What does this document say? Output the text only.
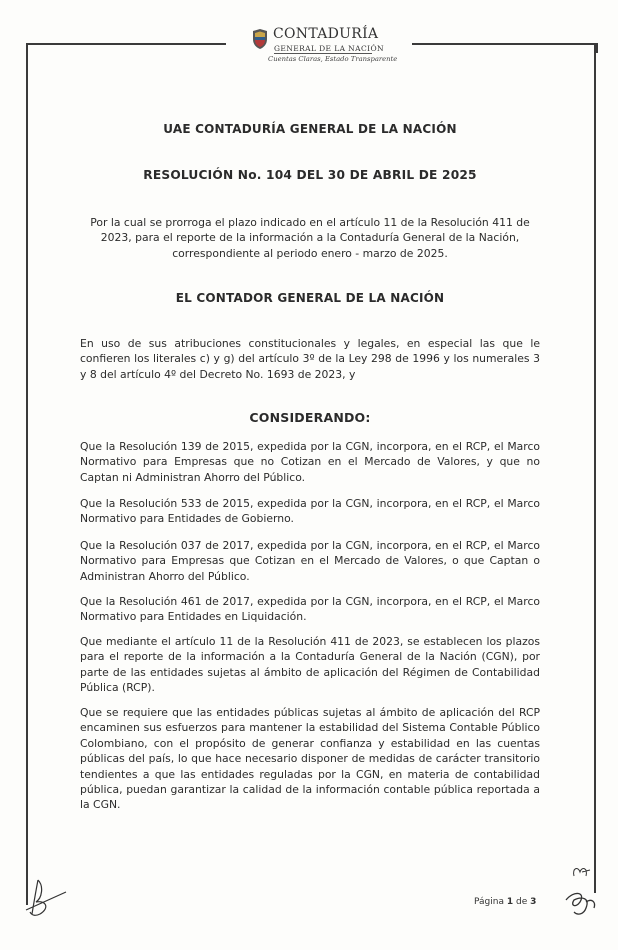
CONTADURÍA
GENERAL DE LA NACIÓN
Cuentas Claras, Estado Transparente
UAE CONTADURÍA GENERAL DE LA NACIÓN
RESOLUCIÓN No. 104 DEL 30 DE ABRIL DE 2025
Por la cual se prorroga el plazo indicado en el artículo 11 de la Resolución 411 de 2023, para el reporte de la información a la Contaduría General de la Nación, correspondiente al periodo enero - marzo de 2025.
EL CONTADOR GENERAL DE LA NACIÓN
En uso de sus atribuciones constitucionales y legales, en especial las que le confieren los literales c) y g) del artículo 3º de la Ley 298 de 1996 y los numerales 3 y 8 del artículo 4º del Decreto No. 1693 de 2023, y
CONSIDERANDO:
Que la Resolución 139 de 2015, expedida por la CGN, incorpora, en el RCP, el Marco Normativo para Empresas que no Cotizan en el Mercado de Valores, y que no Captan ni Administran Ahorro del Público.
Que la Resolución 533 de 2015, expedida por la CGN, incorpora, en el RCP, el Marco Normativo para Entidades de Gobierno.
Que la Resolución 037 de 2017, expedida por la CGN, incorpora, en el RCP, el Marco Normativo para Empresas que Cotizan en el Mercado de Valores, o que Captan o Administran Ahorro del Público.
Que la Resolución 461 de 2017, expedida por la CGN, incorpora, en el RCP, el Marco Normativo para Entidades en Liquidación.
Que mediante el artículo 11 de la Resolución 411 de 2023, se establecen los plazos para el reporte de la información a la Contaduría General de la Nación (CGN), por parte de las entidades sujetas al ámbito de aplicación del Régimen de Contabilidad Pública (RCP).
Que se requiere que las entidades públicas sujetas al ámbito de aplicación del RCP encaminen sus esfuerzos para mantener la estabilidad del Sistema Contable Público Colombiano, con el propósito de generar confianza y estabilidad en las cuentas públicas del país, lo que hace necesario disponer de medidas de carácter transitorio tendientes a que las entidades reguladas por la CGN, en materia de contabilidad pública, puedan garantizar la calidad de la información contable pública reportada a la CGN.
Página 1 de 3
